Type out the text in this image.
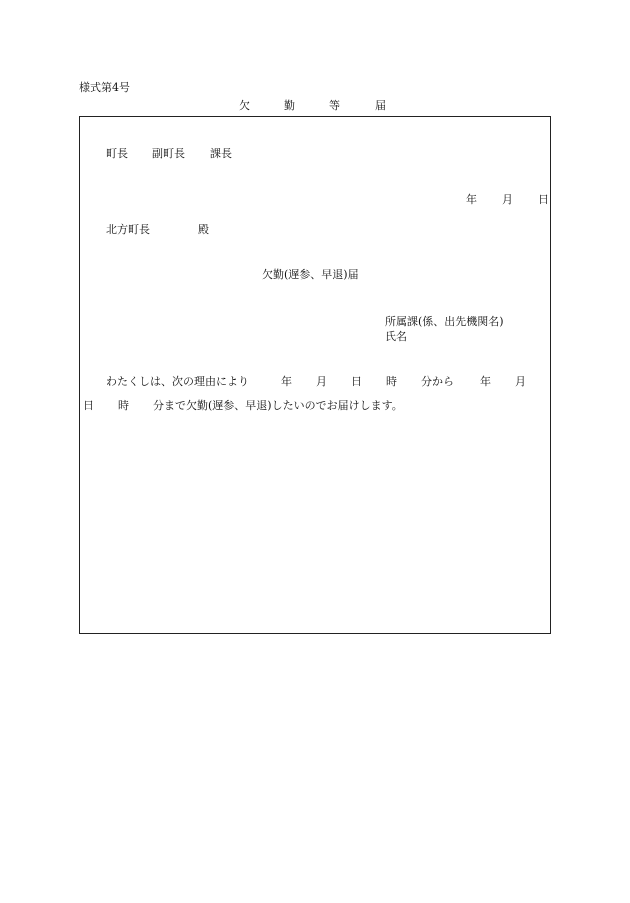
様式第4号
欠	勤	等	届
町長 副町長 課長
年 月 日
北方町長	殿
欠勤(遅参、早退)届
所属課(係、出先機関名)
氏名
わたくしは、次の理由により	年 月 日 時 分から 年 月
日 時 分まで欠勤(遅参、早退)したいのでお届けします。
